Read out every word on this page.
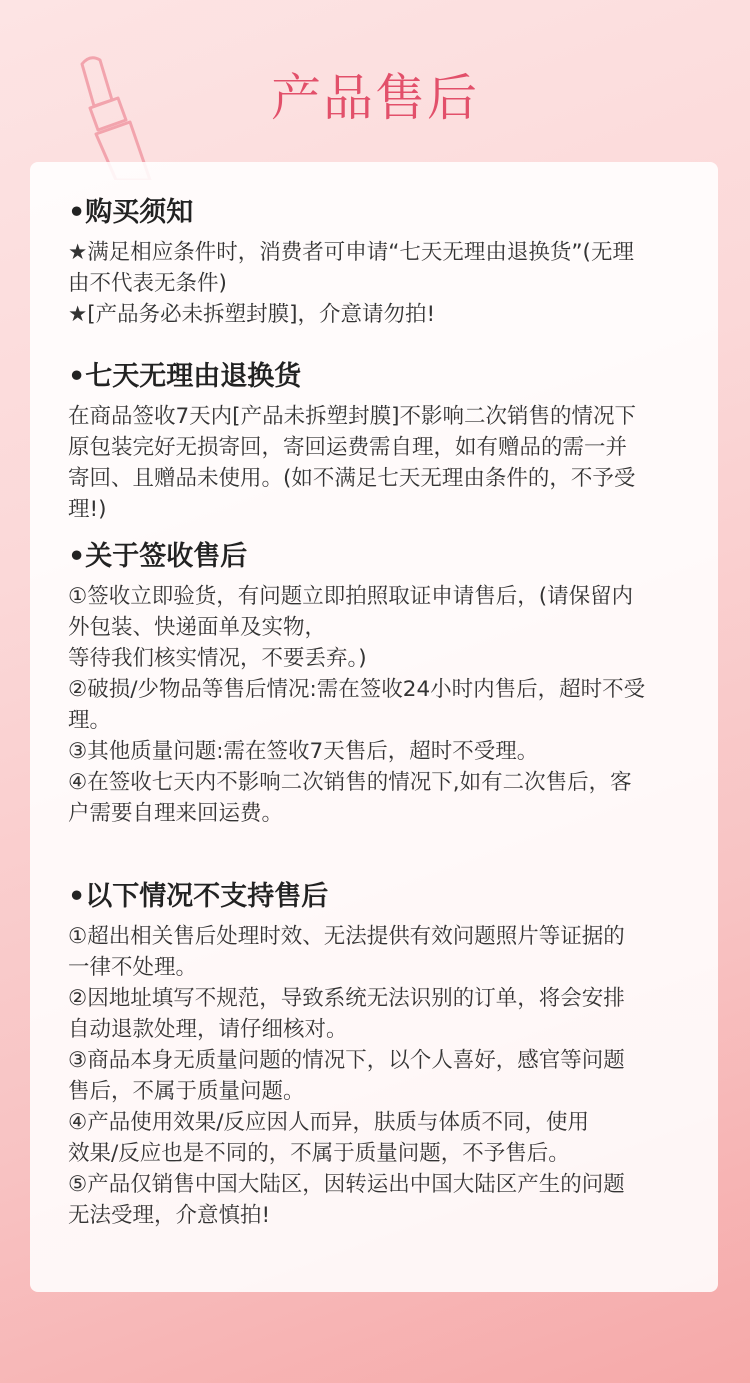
产品售后

•购买须知

★满足相应条件时，消费者可申请“七天无理由退换货”(无理

由不代表无条件)

★[产品务必未拆塑封膜]，介意请勿拍!

•七天无理由退换货

在商品签收7天内[产品未拆塑封膜]不影响二次销售的情况下

原包装完好无损寄回，寄回运费需自理，如有赠品的需一并

寄回、且赠品未使用。(如不满足七天无理由条件的，不予受

理!)

•关于签收售后

①签收立即验货，有问题立即拍照取证申请售后，(请保留内

外包装、快递面单及实物，

等待我们核实情况，不要丢弃。)

②破损/少物品等售后情况:需在签收24小时内售后，超时不受

理。

③其他质量问题:需在签收7天售后，超时不受理。

④在签收七天内不影响二次销售的情况下,如有二次售后，客

户需要自理来回运费。

•以下情况不支持售后

①超出相关售后处理时效、无法提供有效问题照片等证据的

一律不处理。

②因地址填写不规范，导致系统无法识别的订单，将会安排

自动退款处理，请仔细核对。

③商品本身无质量问题的情况下，以个人喜好，感官等问题

售后，不属于质量问题。

④产品使用效果/反应因人而异，肤质与体质不同，使用

效果/反应也是不同的，不属于质量问题，不予售后。

⑤产品仅销售中国大陆区，因转运出中国大陆区产生的问题

无法受理，介意慎拍!
